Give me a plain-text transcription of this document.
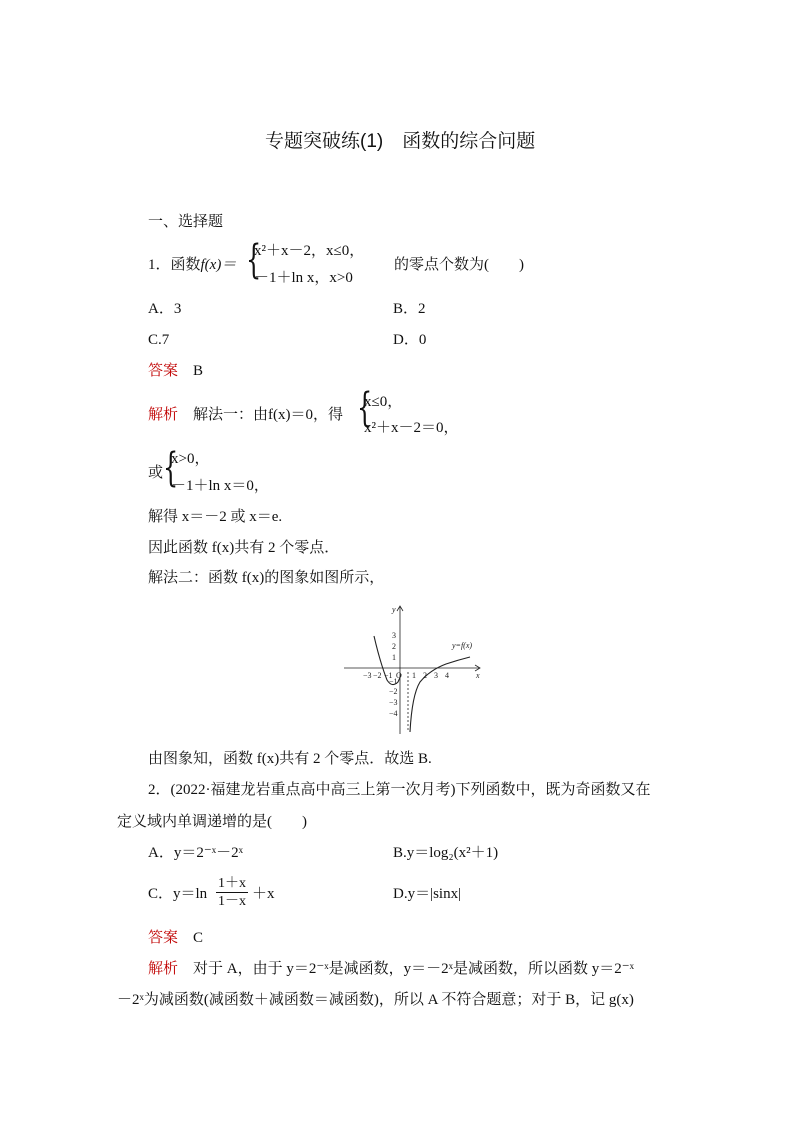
专题突破练(1)　函数的综合问题
一、选择题
1．函数f(x)＝ {
x²＋x－2，x≤0，
－1＋ln x，x>0
的零点个数为(　　)
A．3	B．2
C.7	D．0
答案　 B
解析　 解法一：由f(x)＝0，得 {
x≤0，
x²＋x－2＝0，
或 {
x>0，
－1＋ln x＝0，
解得 x＝－2 或 x＝e.
因此函数 f(x)共有 2 个零点．
解法二：函数 f(x)的图象如图所示，
y
x
y=f(x)
−3 −2 −1 O 1 2 3 4
3
2
1
−1
−2
−3
−4
由图象知，函数 f(x)共有 2 个零点．故选 B.
2．(2022·福建龙岩重点高中高三上第一次月考)下列函数中，既为奇函数又在
定义域内单调递增的是(　　)
A．y＝2⁻ˣ－2ˣ	B.y＝log₂(x²＋1)
C．$y=\ln \frac{1+x}{1-x} +x$	D.y＝|sinx|
答案　 C
解析　 对于 A，由于 y＝2⁻ˣ是减函数，y＝－2ˣ是减函数，所以函数 y＝2⁻ˣ
－2ˣ为减函数(减函数＋减函数＝减函数)，所以 A 不符合题意；对于 B，记 g(x)
